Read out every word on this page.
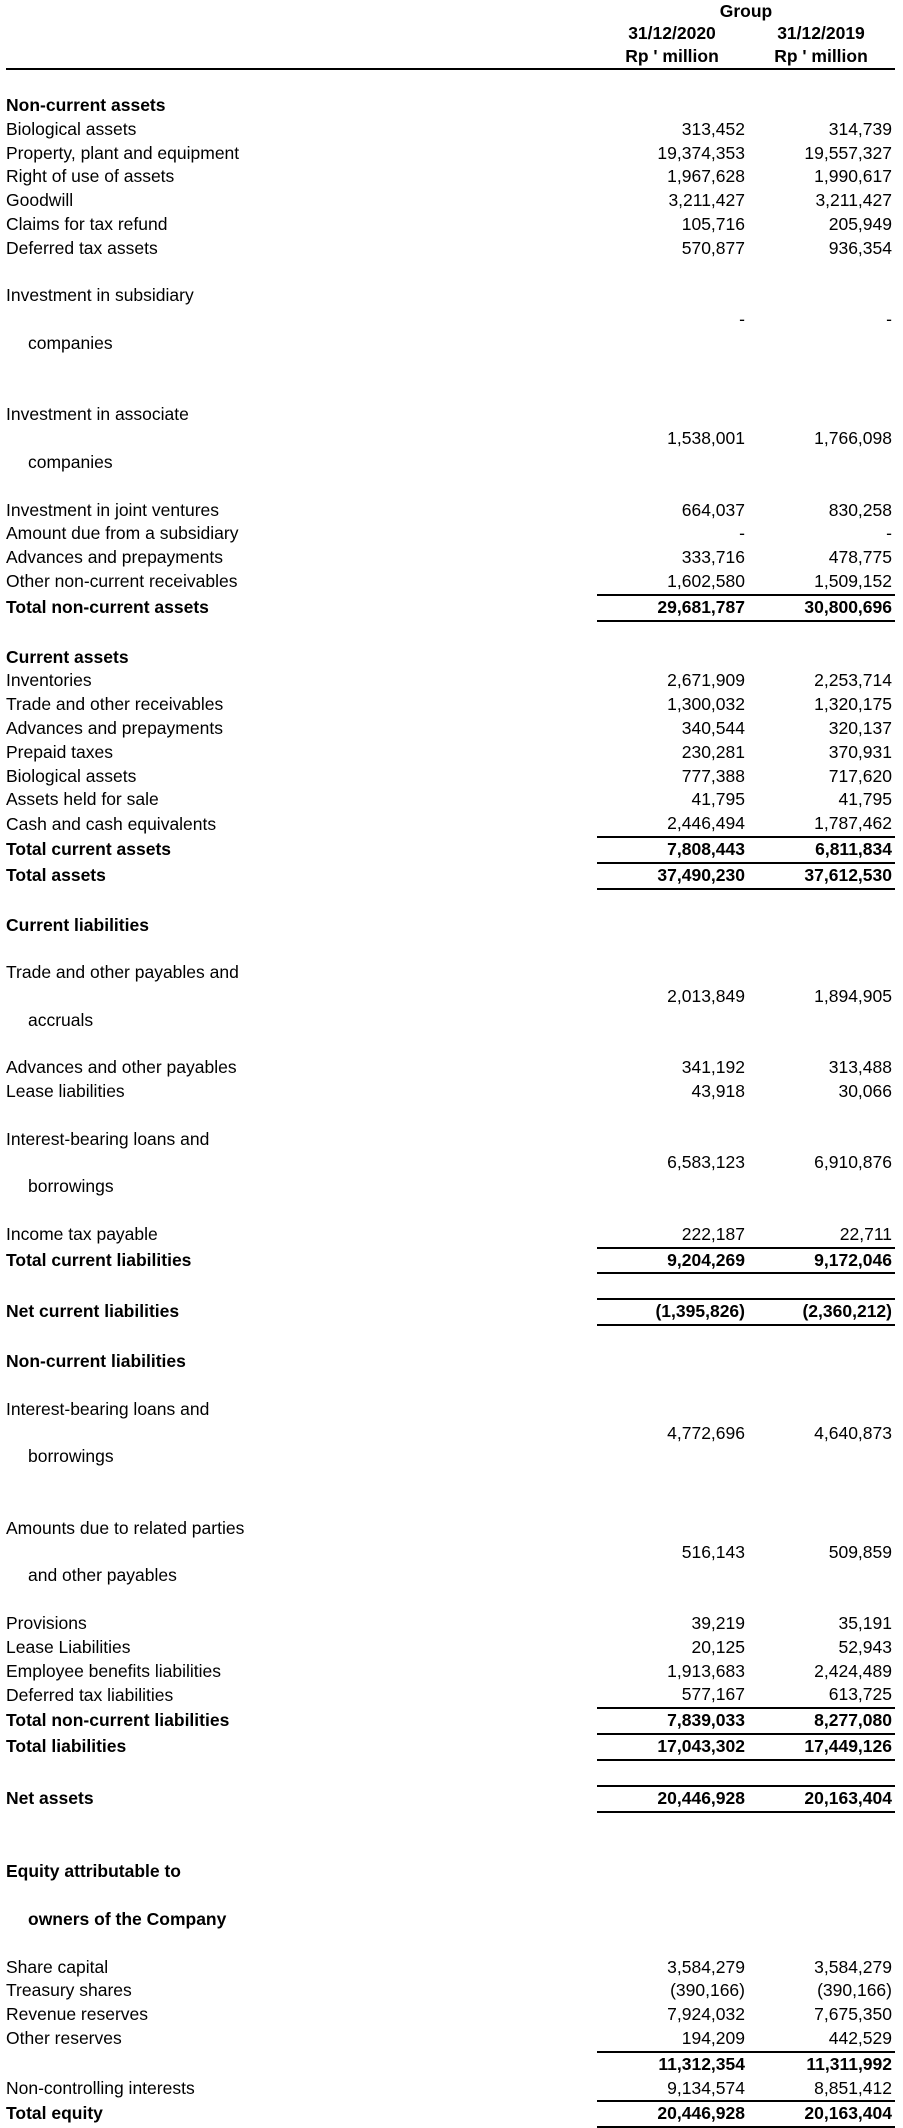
	Group	
	31/12/2020	31/12/2019
	Rp ' million	Rp ' million

Non-current assets		
Biological assets	313,452	314,739
Property, plant and equipment	19,374,353	19,557,327
Right of use of assets	1,967,628	1,990,617
Goodwill	3,211,427	3,211,427
Claims for tax refund	105,716	205,949
Deferred tax assets	570,877	936,354

Investment in subsidiary

companies	-	-

Investment in associate

companies	1,538,001	1,766,098
Investment in joint ventures	664,037	830,258
Amount due from a subsidiary	-	-
Advances and prepayments	333,716	478,775
Other non-current receivables	1,602,580	1,509,152
Total non-current assets	29,681,787	30,800,696

Current assets		
Inventories	2,671,909	2,253,714
Trade and other receivables	1,300,032	1,320,175
Advances and prepayments	340,544	320,137
Prepaid taxes	230,281	370,931
Biological assets	777,388	717,620
Assets held for sale	41,795	41,795
Cash and cash equivalents	2,446,494	1,787,462
Total current assets	7,808,443	6,811,834
Total assets	37,490,230	37,612,530

Current liabilities		

Trade and other payables and

accruals	2,013,849	1,894,905
Advances and other payables	341,192	313,488
Lease liabilities	43,918	30,066

Interest-bearing loans and

borrowings	6,583,123	6,910,876
Income tax payable	222,187	22,711
Total current liabilities	9,204,269	9,172,046

Net current liabilities	(1,395,826)	(2,360,212)

Non-current liabilities		

Interest-bearing loans and

borrowings	4,772,696	4,640,873

Amounts due to related parties

and other payables	516,143	509,859
Provisions	39,219	35,191
Lease Liabilities	20,125	52,943
Employee benefits liabilities	1,913,683	2,424,489
Deferred tax liabilities	577,167	613,725
Total non-current liabilities	7,839,033	8,277,080
Total liabilities	17,043,302	17,449,126

Net assets	20,446,928	20,163,404

Equity attributable to

owners of the Company		

Share capital	3,584,279	3,584,279
Treasury shares	(390,166)	(390,166)
Revenue reserves	7,924,032	7,675,350
Other reserves	194,209	442,529
	11,312,354	11,311,992
Non-controlling interests	9,134,574	8,851,412
Total equity	20,446,928	20,163,404
